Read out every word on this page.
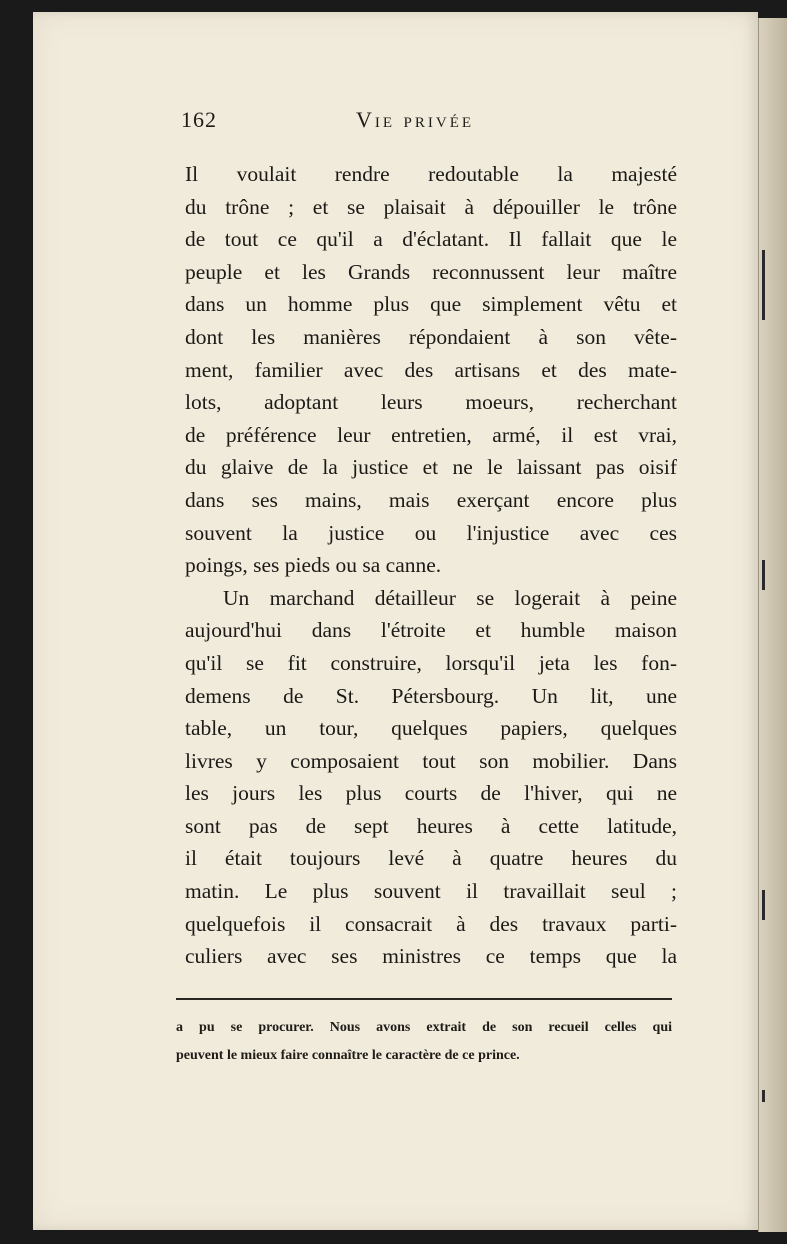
162	Vie privée
Il voulait rendre redoutable la majesté
du trône ; et se plaisait à dépouiller le trône
de tout ce qu'il a d'éclatant. Il fallait que le
peuple et les Grands reconnussent leur maître
dans un homme plus que simplement vêtu et
dont les manières répondaient à son vête-
ment, familier avec des artisans et des mate-
lots, adoptant leurs moeurs, recherchant
de préférence leur entretien, armé, il est vrai,
du glaive de la justice et ne le laissant pas oisif
dans ses mains, mais exerçant encore plus
souvent la justice ou l'injustice avec ces
poings, ses pieds ou sa canne.
Un marchand détailleur se logerait à peine
aujourd'hui dans l'étroite et humble maison
qu'il se fit construire, lorsqu'il jeta les fon-
demens de St. Pétersbourg. Un lit, une
table, un tour, quelques papiers, quelques
livres y composaient tout son mobilier. Dans
les jours les plus courts de l'hiver, qui ne
sont pas de sept heures à cette latitude,
il était toujours levé à quatre heures du
matin. Le plus souvent il travaillait seul ;
quelquefois il consacrait à des travaux parti-
culiers avec ses ministres ce temps que la
a pu se procurer. Nous avons extrait de son recueil celles qui
peuvent le mieux faire connaître le caractère de ce prince.
